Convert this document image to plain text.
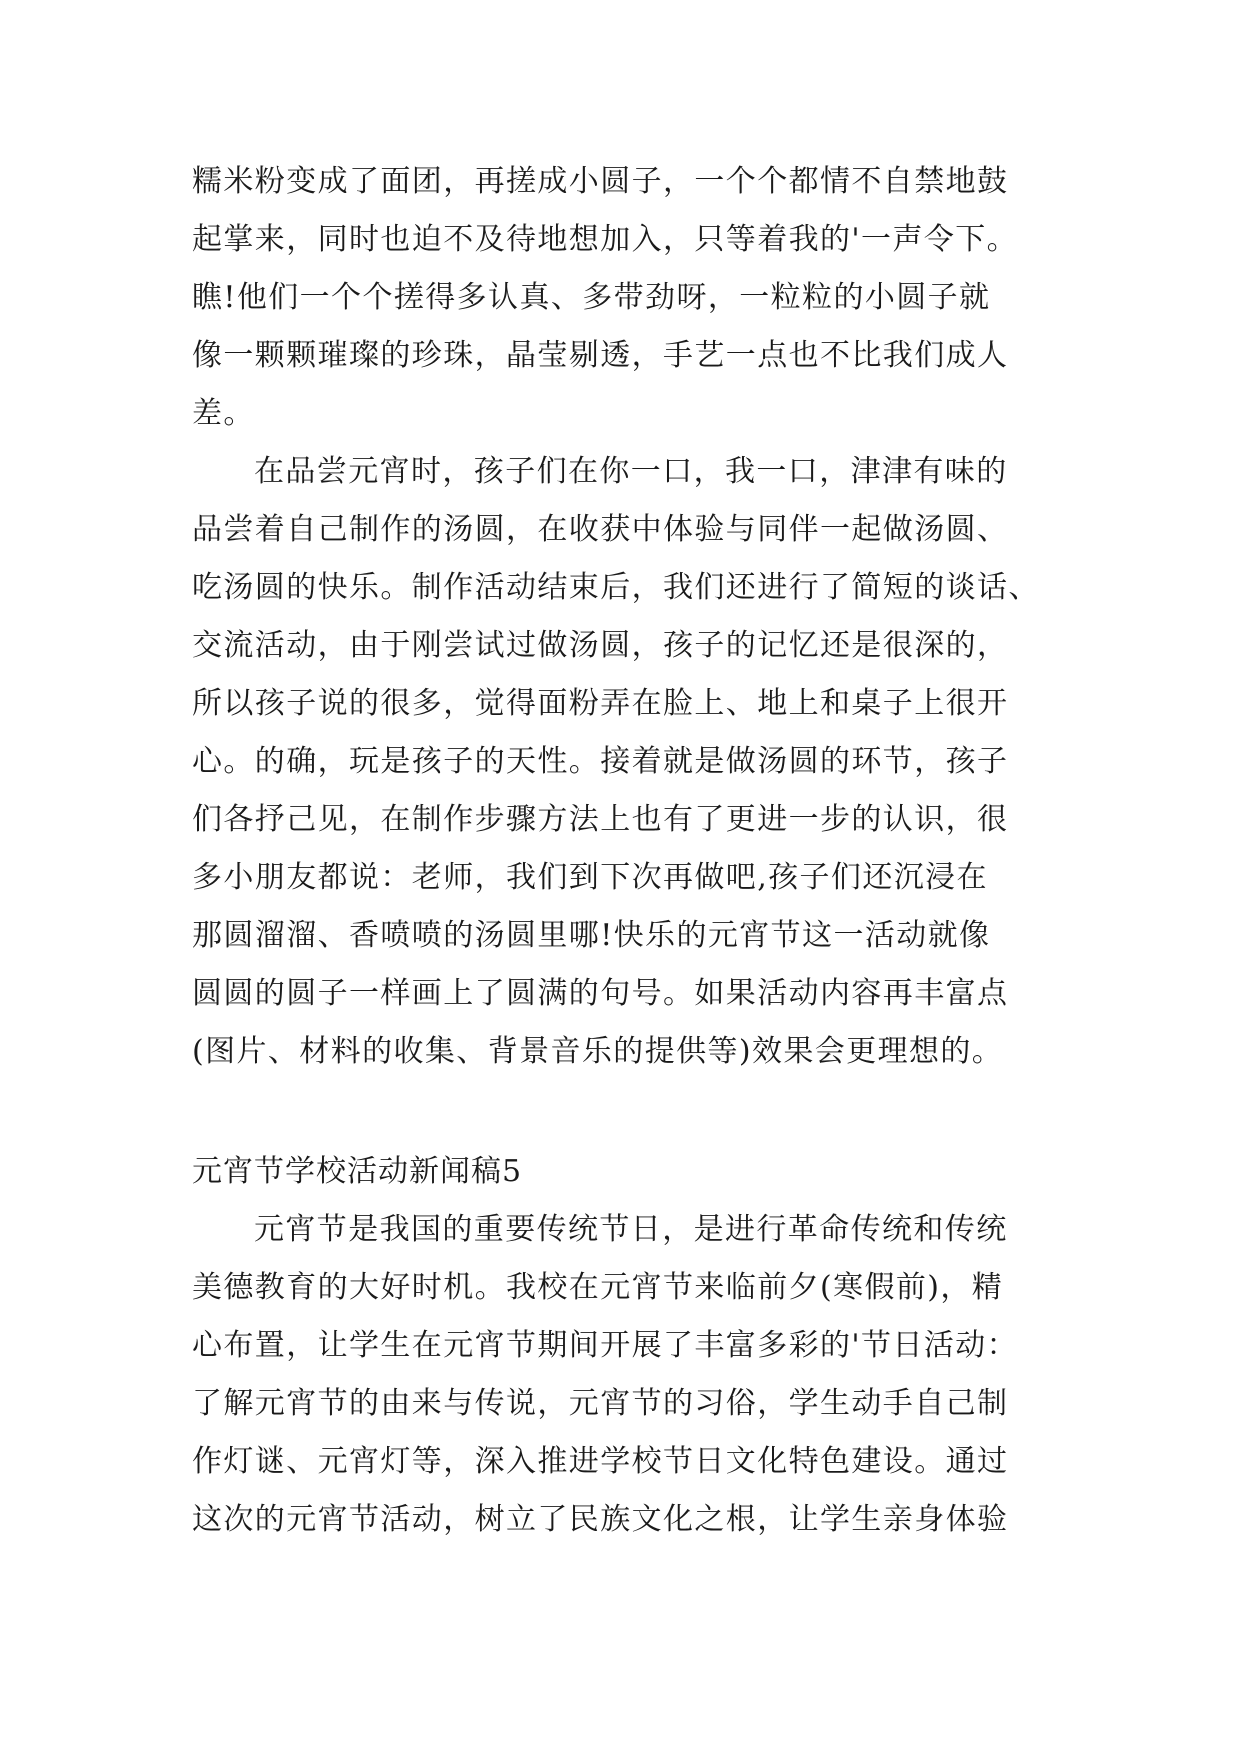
糯米粉变成了面团，再搓成小圆子，一个个都情不自禁地鼓
起掌来，同时也迫不及待地想加入，只等着我的'一声令下。
瞧!他们一个个搓得多认真、多带劲呀，一粒粒的小圆子就
像一颗颗璀璨的珍珠，晶莹剔透，手艺一点也不比我们成人
差。
在品尝元宵时，孩子们在你一口，我一口，津津有味的
品尝着自己制作的汤圆，在收获中体验与同伴一起做汤圆、
吃汤圆的快乐。制作活动结束后，我们还进行了简短的谈话、
交流活动，由于刚尝试过做汤圆，孩子的记忆还是很深的，
所以孩子说的很多，觉得面粉弄在脸上、地上和桌子上很开
心。的确，玩是孩子的天性。接着就是做汤圆的环节，孩子
们各抒己见，在制作步骤方法上也有了更进一步的认识，很
多小朋友都说：老师，我们到下次再做吧,孩子们还沉浸在
那圆溜溜、香喷喷的汤圆里哪!快乐的元宵节这一活动就像
圆圆的圆子一样画上了圆满的句号。如果活动内容再丰富点
(图片、材料的收集、背景音乐的提供等)效果会更理想的。
元宵节学校活动新闻稿5
元宵节是我国的重要传统节日，是进行革命传统和传统
美德教育的大好时机。我校在元宵节来临前夕(寒假前)，精
心布置，让学生在元宵节期间开展了丰富多彩的'节日活动：
了解元宵节的由来与传说，元宵节的习俗，学生动手自己制
作灯谜、元宵灯等，深入推进学校节日文化特色建设。通过
这次的元宵节活动，树立了民族文化之根，让学生亲身体验
